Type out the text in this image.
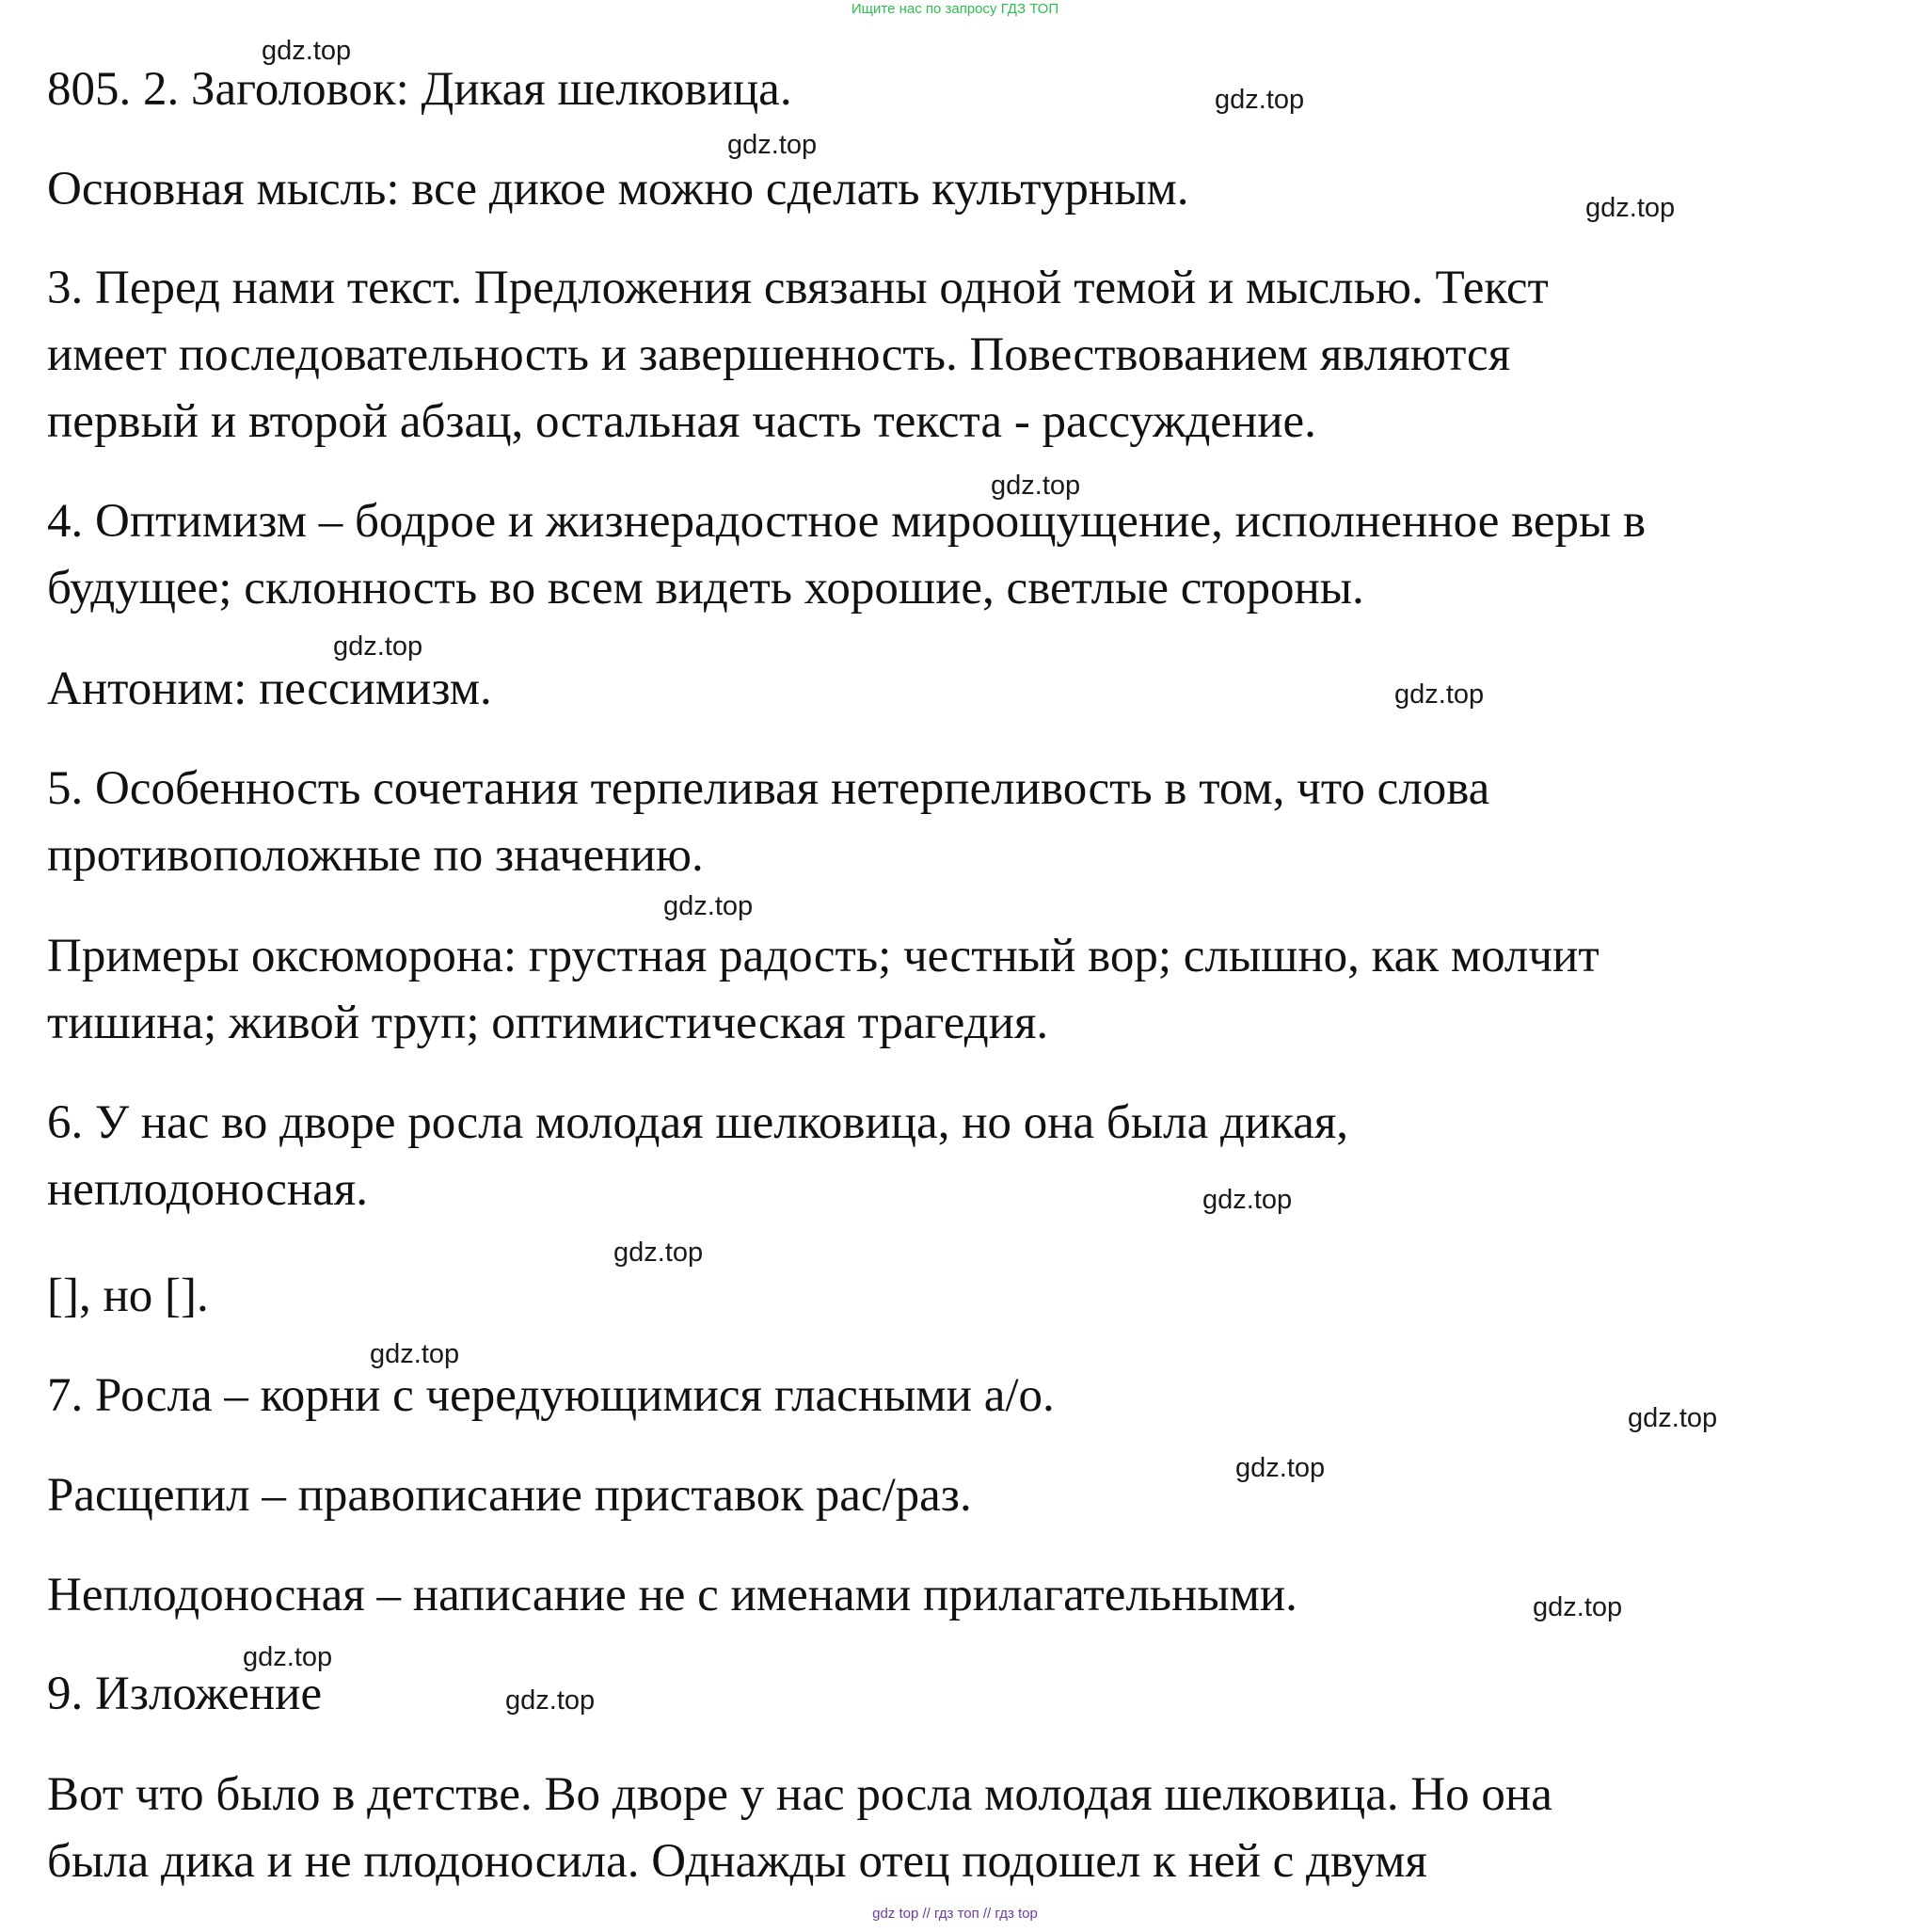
Ищите нас по запросу ГДЗ ТОП
805. 2. Заголовок: Дикая шелковица.
Основная мысль: все дикое можно сделать культурным.
3. Перед нами текст. Предложения связаны одной темой и мыслью. Текст
имеет последовательность и завершенность. Повествованием являются
первый и второй абзац, остальная часть текста - рассуждение.
4. Оптимизм – бодрое и жизнерадостное мироощущение, исполненное веры в
будущее; склонность во всем видеть хорошие, светлые стороны.
Антоним: пессимизм.
5. Особенность сочетания терпеливая нетерпеливость в том, что слова
противоположные по значению.
Примеры оксюморона: грустная радость; честный вор; слышно, как молчит
тишина; живой труп; оптимистическая трагедия.
6. У нас во дворе росла молодая шелковица, но она была дикая,
неплодоносная.
[], но [].
7. Росла – корни с чередующимися гласными а/о.
Расщепил – правописание приставок рас/раз.
Неплодоносная – написание не с именами прилагательными.
9. Изложение
Вот что было в детстве. Во дворе у нас росла молодая шелковица. Но она
была дика и не плодоносила. Однажды отец подошел к ней с двумя
gdz.top
gdz.top
gdz.top
gdz.top
gdz.top
gdz.top
gdz.top
gdz.top
gdz.top
gdz.top
gdz.top
gdz.top
gdz.top
gdz.top
gdz.top
gdz.top
gdz top // гдз топ // гдз top
